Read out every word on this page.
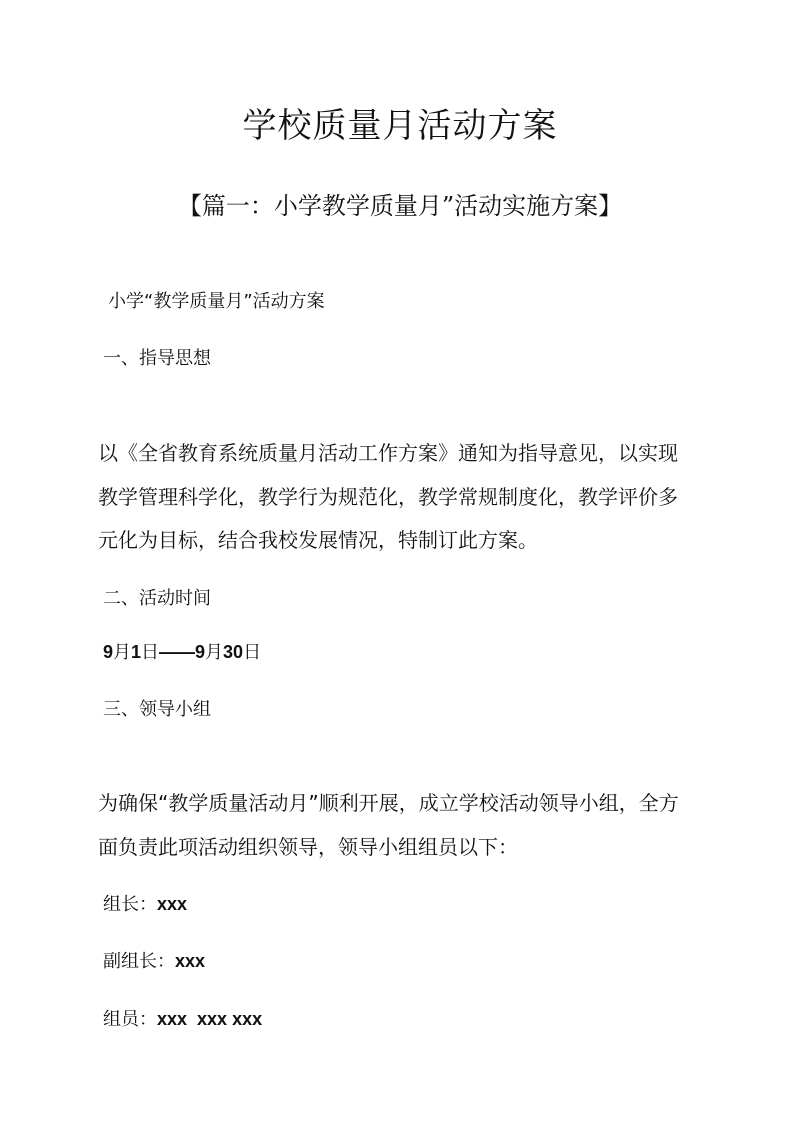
学校质量月活动方案
【篇一：小学教学质量月”活动实施方案】
小学“教学质量月”活动方案
一、指导思想
以《全省教育系统质量月活动工作方案》通知为指导意见，以实现
教学管理科学化，教学行为规范化，教学常规制度化，教学评价多
元化为目标，结合我校发展情况，特制订此方案。
二、活动时间
9月1日——9月30日
三、领导小组
为确保“教学质量活动月”顺利开展，成立学校活动领导小组，全方
面负责此项活动组织领导，领导小组组员以下：
组长：xxx
副组长：xxx
组员：xxx  xxx xxx
